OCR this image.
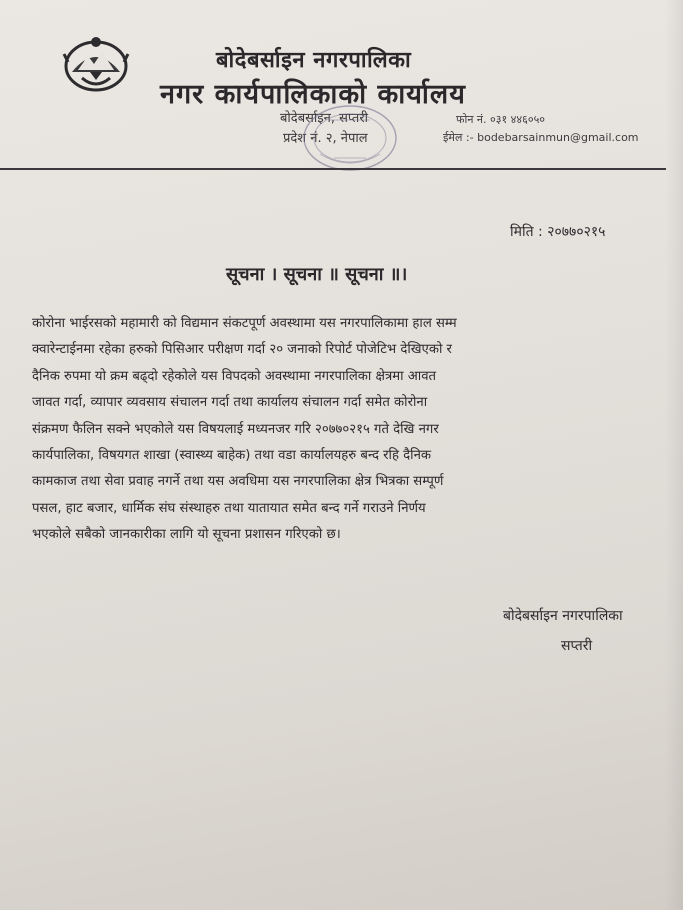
बोदेबर्साइन नगरपालिका
नगर कार्यपालिकाको कार्यालय
बोदेबर्साइन, सप्तरी
प्रदेश नं. २, नेपाल
फोन नं. ०३१ ४४६०५०
ईमेल :- bodebarsainmun@gmail.com
मिति : २०७७०२१५
सूचना । सूचना ॥ सूचना ॥।
कोरोना भाईरसको महामारी को विद्यमान संकटपूर्ण अवस्थामा यस नगरपालिकामा हाल सम्म
क्वारेन्टाईनमा रहेका हरुको पिसिआर परीक्षण गर्दा २० जनाको रिपोर्ट पोजेटिभ देखिएको र
दैनिक रुपमा यो क्रम बढ्दो रहेकोले यस विपदको अवस्थामा नगरपालिका क्षेत्रमा आवत
जावत गर्दा, व्यापार व्यवसाय संचालन गर्दा तथा कार्यालय संचालन गर्दा समेत कोरोना
संक्रमण फैलिन सक्ने भएकोले यस विषयलाई मध्यनजर गरि २०७७०२१५ गते देखि नगर
कार्यपालिका, विषयगत शाखा (स्वास्थ्य बाहेक) तथा वडा कार्यालयहरु बन्द रहि दैनिक
कामकाज तथा सेवा प्रवाह नगर्ने तथा यस अवधिमा यस नगरपालिका क्षेत्र भित्रका सम्पूर्ण
पसल, हाट बजार, धार्मिक संघ संस्थाहरु तथा यातायात समेत बन्द गर्ने गराउने निर्णय
भएकोले सबैको जानकारीका लागि यो सूचना प्रशासन गरिएको छ।
बोदेबर्साइन नगरपालिका
सप्तरी
